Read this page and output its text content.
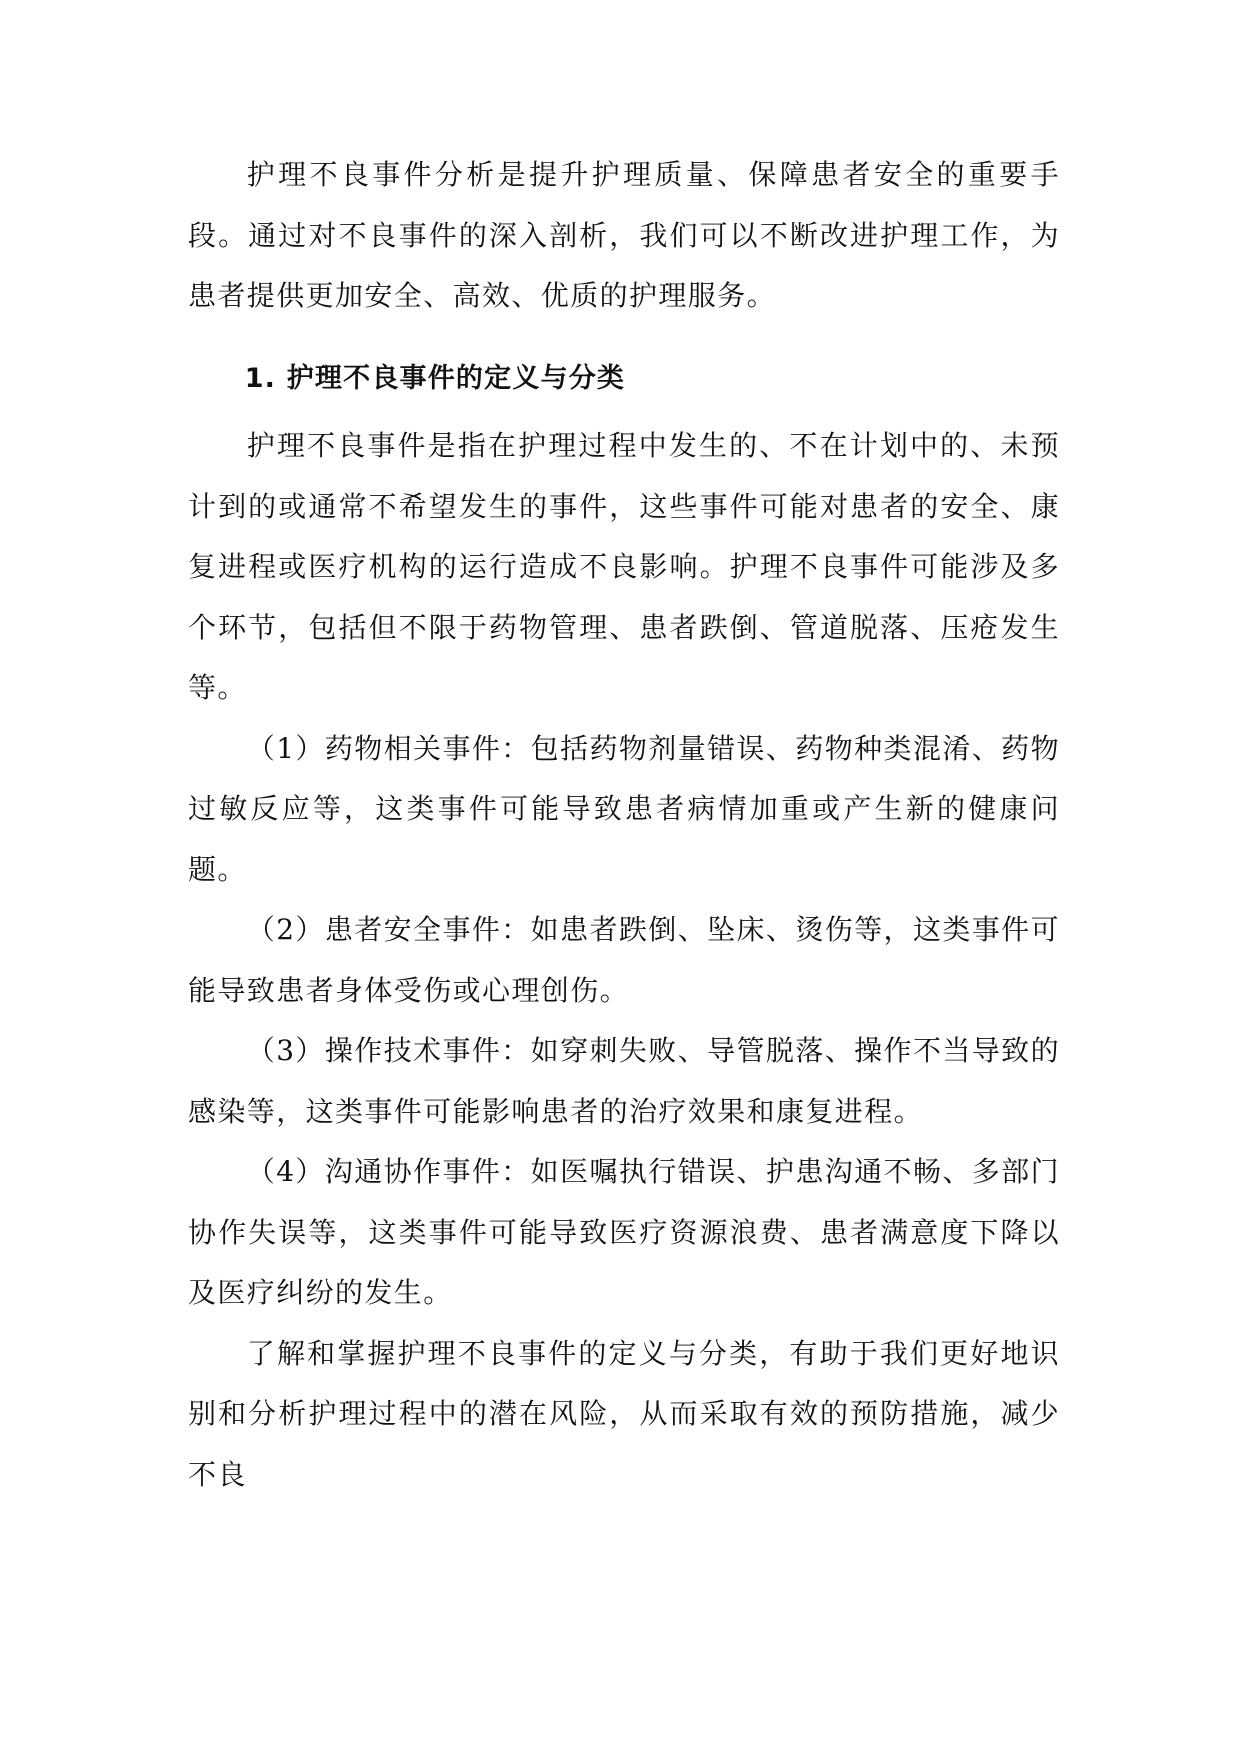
护理不良事件分析是提升护理质量、保障患者安全的重要手段。通过对不良事件的深入剖析，我们可以不断改进护理工作，为患者提供更加安全、高效、优质的护理服务。

1. 护理不良事件的定义与分类

护理不良事件是指在护理过程中发生的、不在计划中的、未预计到的或通常不希望发生的事件，这些事件可能对患者的安全、康复进程或医疗机构的运行造成不良影响。护理不良事件可能涉及多个环节，包括但不限于药物管理、患者跌倒、管道脱落、压疮发生等。

（1）药物相关事件：包括药物剂量错误、药物种类混淆、药物过敏反应等，这类事件可能导致患者病情加重或产生新的健康问题。

（2）患者安全事件：如患者跌倒、坠床、烫伤等，这类事件可能导致患者身体受伤或心理创伤。

（3）操作技术事件：如穿刺失败、导管脱落、操作不当导致的感染等，这类事件可能影响患者的治疗效果和康复进程。

（4）沟通协作事件：如医嘱执行错误、护患沟通不畅、多部门协作失误等，这类事件可能导致医疗资源浪费、患者满意度下降以及医疗纠纷的发生。

了解和掌握护理不良事件的定义与分类，有助于我们更好地识别和分析护理过程中的潜在风险，从而采取有效的预防措施，减少不良
